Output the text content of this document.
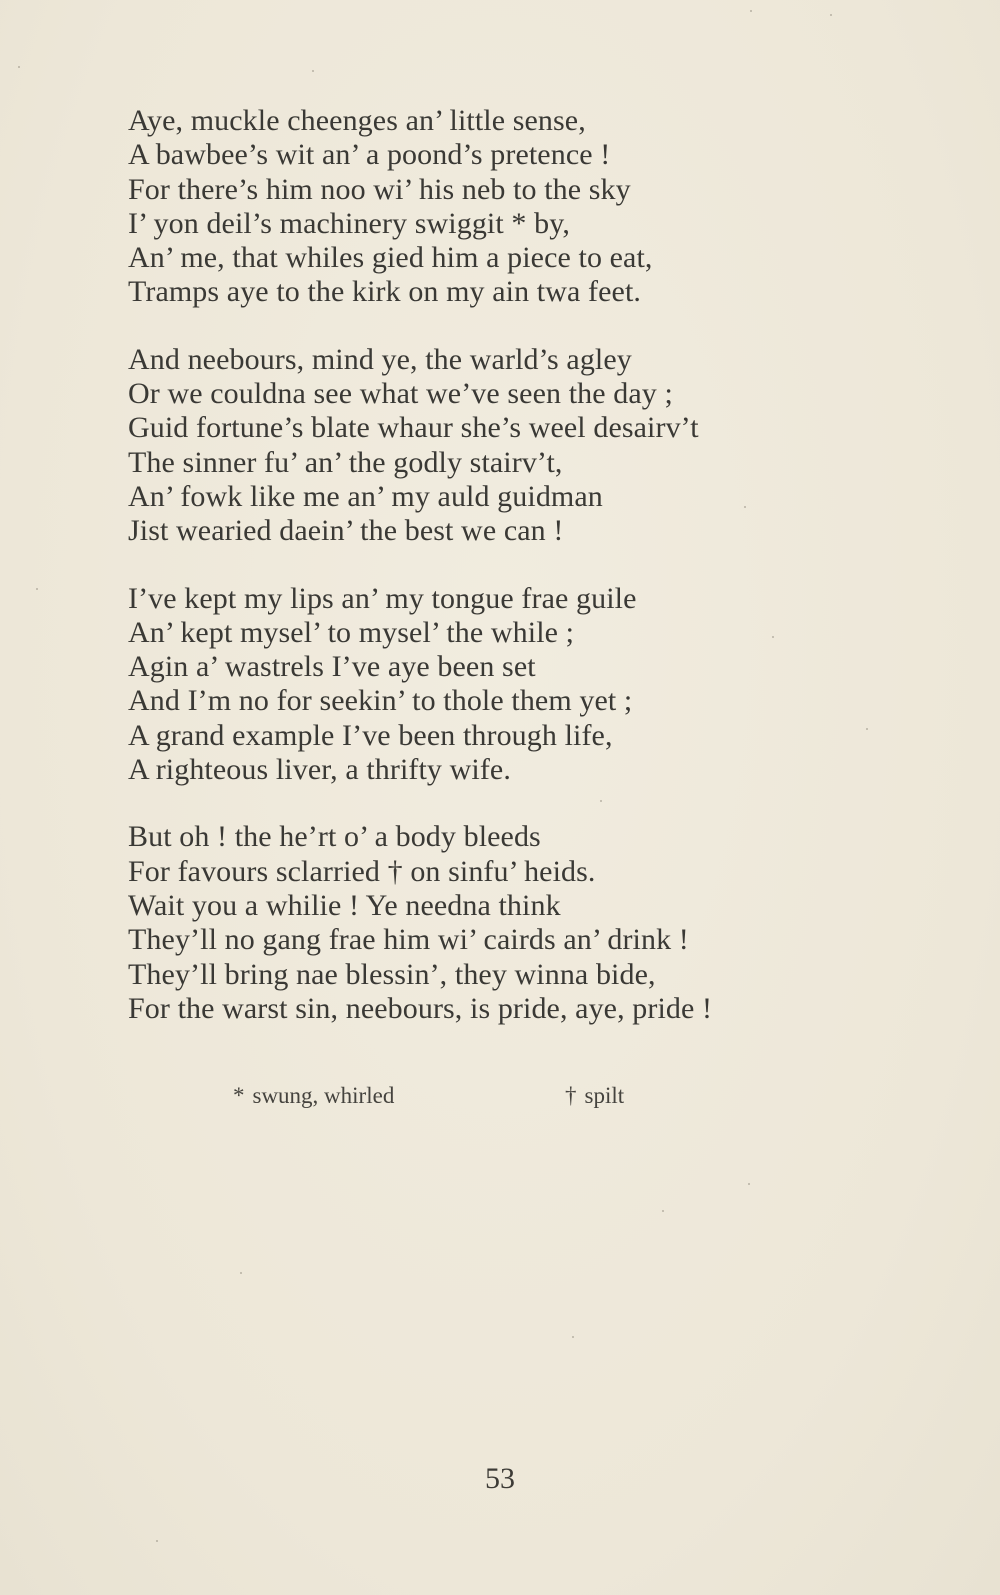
Aye, muckle cheenges an’ little sense,
A bawbee’s wit an’ a poond’s pretence !
For there’s him noo wi’ his neb to the sky
I’ yon deil’s machinery swiggit * by,
An’ me, that whiles gied him a piece to eat,
Tramps aye to the kirk on my ain twa feet.
And neebours, mind ye, the warld’s agley
Or we couldna see what we’ve seen the day ;
Guid fortune’s blate whaur she’s weel desairv’t
The sinner fu’ an’ the godly stairv’t,
An’ fowk like me an’ my auld guidman
Jist wearied daein’ the best we can !
I’ve kept my lips an’ my tongue frae guile
An’ kept mysel’ to mysel’ the while ;
Agin a’ wastrels I’ve aye been set
And I’m no for seekin’ to thole them yet ;
A grand example I’ve been through life,
A righteous liver, a thrifty wife.
But oh ! the he’rt o’ a body bleeds
For favours sclarried † on sinfu’ heids.
Wait you a whilie ! Ye needna think
They’ll no gang frae him wi’ cairds an’ drink !
They’ll bring nae blessin’, they winna bide,
For the warst sin, neebours, is pride, aye, pride !
* swung, whirled	† spilt
53
